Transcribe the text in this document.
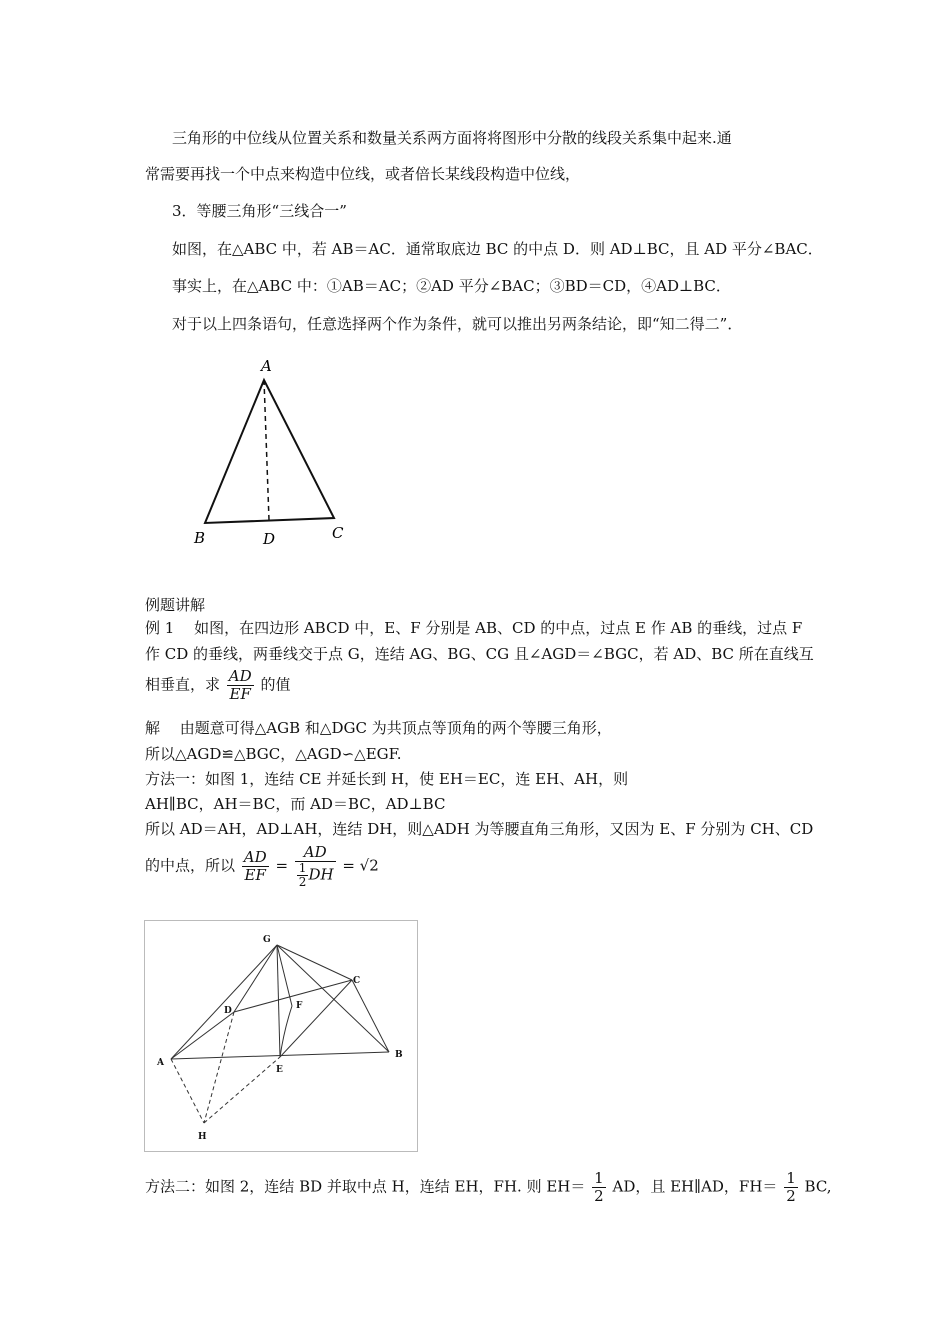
三角形的中位线从位置关系和数量关系两方面将将图形中分散的线段关系集中起来.通
常需要再找一个中点来构造中位线，或者倍长某线段构造中位线，
3．等腰三角形“三线合一”
如图，在△ABC 中，若 AB＝AC．通常取底边 BC 的中点 D．则 AD⊥BC，且 AD 平分∠BAC．
事实上，在△ABC 中：①AB＝AC；②AD 平分∠BAC；③BD＝CD，④AD⊥BC．
对于以上四条语句，任意选择两个作为条件，就可以推出另两条结论，即“知二得二”．
A
B	D	C
例题讲解
例 1　 如图，在四边形 ABCD 中，E、F 分别是 AB、CD 的中点，过点 E 作 AB 的垂线，过点 F
作 CD 的垂线，两垂线交于点 G，连结 AG、BG、CG 且∠AGD＝∠BGC，若 AD、BC 所在直线互
相垂直，求 $\frac{AD}{EF}$ 的值
解　 由题意可得△AGB 和△DGC 为共顶点等顶角的两个等腰三角形，
所以△AGD≌△BGC，△AGD∽△EGF.
方法一：如图 1，连结 CE 并延长到 H，使 EH＝EC，连 EH、AH，则
AH∥BC，AH＝BC，而 AD＝BC，AD⊥BC
所以 AD＝AH，AD⊥AH，连结 DH，则△ADH 为等腰直角三角形，又因为 E、F 分别为 CH、CD
的中点，所以 $\frac{AD}{EF} = \frac{AD}{\frac{1}{2} DH} = √2$
G
C
D	F
A
E
B
H
方法二：如图 2，连结 BD 并取中点 H，连结 EH，FH. 则 $EH= \frac{1}{2}$ AD，且 EH∥AD，$FH= \frac{1}{2}$ BC,
